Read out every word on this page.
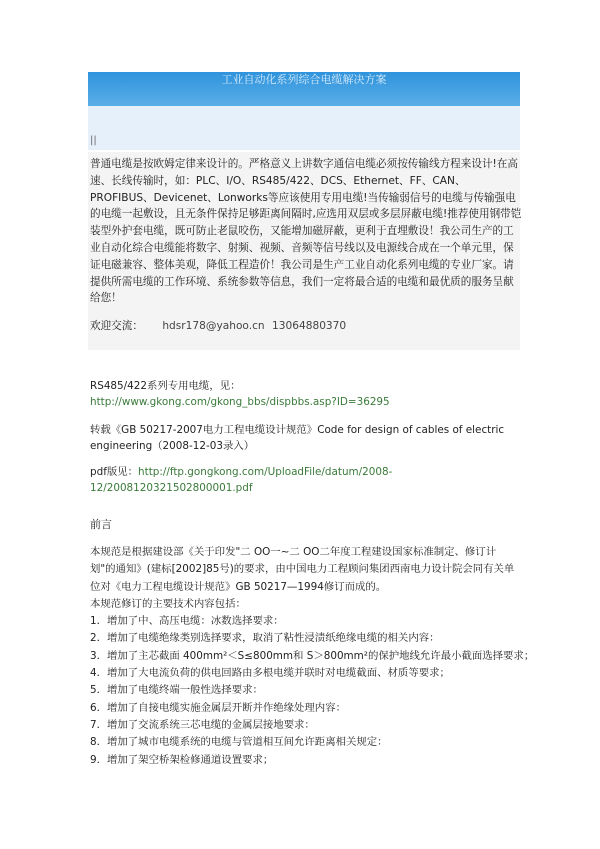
工业自动化系列综合电缆解决方案
||

普通电缆是按欧姆定律来设计的。严格意义上讲数字通信电缆必须按传输线方程来设计!在高速、长线传输时，如：PLC、I/O、RS485/422、DCS、Ethernet、FF、CAN、PROFIBUS、Devicenet、Lonworks等应该使用专用电缆!当传输弱信号的电缆与传输强电的电缆一起敷设，且无条件保持足够距离间隔时,应选用双层或多层屏蔽电缆!推荐使用钢带铠装型外护套电缆，既可防止老鼠咬伤，又能增加磁屏蔽，更利于直埋敷设！我公司生产的工业自动化综合电缆能将数字、射频、视频、音频等信号线以及电源线合成在一个单元里，保证电磁兼容、整体美观，降低工程造价！我公司是生产工业自动化系列电缆的专业厂家。请提供所需电缆的工作环境、系统参数等信息，我们一定将最合适的电缆和最优质的服务呈献给您！

欢迎交流： hdsr178@yahoo.cn 13064880370

RS485/422系列专用电缆，见：

http://www.gkong.com/gkong_bbs/dispbbs.asp?ID=36295

转载《GB 50217-2007电力工程电缆设计规范》Code for design of cables of electric engineering（2008-12-03录入）

pdf版见：http://ftp.gongkong.com/UploadFile/datum/2008-12/2008120321502800001.pdf

前言

本规范是根据建设部《关于印发"二 OO一~二 OO二年度工程建设国家标准制定、修订计划"的通知》(建标[2002]85号)的要求，由中国电力工程顾问集团西南电力设计院会同有关单位对《电力工程电缆设计规范》GB 50217—1994修订而成的。

本规范修订的主要技术内容包括：

1．增加了中、高压电缆：冰数选择要求：
2．增加了电缆绝缘类别选择要求，取消了粘性浸渍纸绝缘电缆的相关内容：
3．增加了主芯截面 400mm²＜S≤800mm和 S＞800mm²的保护地线允许最小截面选择要求；
4．增加了大电流负荷的供电回路由多根电缆并联时对电缆截面、材质等要求；
5．增加了电缆终端一般性选择要求：
6．增加了自接电缆实施金属层开断并作绝缘处理内容：
7．增加了交流系统三芯电缆的金属层接地要求：
8．增加了城市电缆系统的电缆与管道相互间允许距离相关规定：
9．增加了架空桥架检修通道设置要求；
